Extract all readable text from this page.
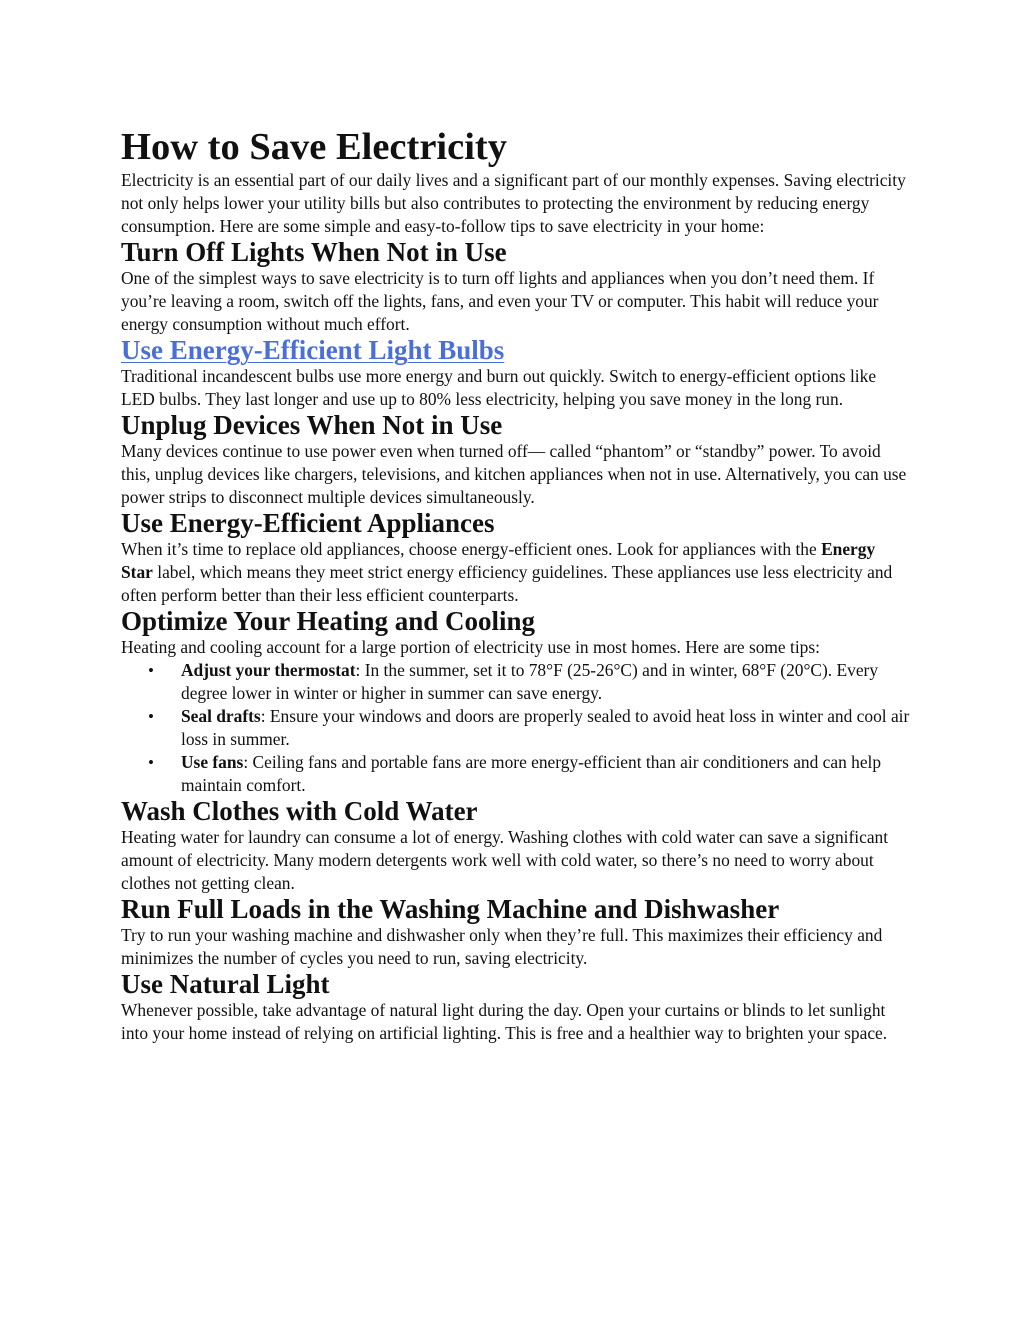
How to Save Electricity

Electricity is an essential part of our daily lives and a significant part of our monthly expenses. Saving electricity not only helps lower your utility bills but also contributes to protecting the environment by reducing energy consumption. Here are some simple and easy-to-follow tips to save electricity in your home:

Turn Off Lights When Not in Use

One of the simplest ways to save electricity is to turn off lights and appliances when you don’t need them. If you’re leaving a room, switch off the lights, fans, and even your TV or computer. This habit will reduce your energy consumption without much effort.

Use Energy-Efficient Light Bulbs

Traditional incandescent bulbs use more energy and burn out quickly. Switch to energy-efficient options like LED bulbs. They last longer and use up to 80% less electricity, helping you save money in the long run.

Unplug Devices When Not in Use

Many devices continue to use power even when turned off— called “phantom” or “standby” power. To avoid this, unplug devices like chargers, televisions, and kitchen appliances when not in use. Alternatively, you can use power strips to disconnect multiple devices simultaneously.

Use Energy-Efficient Appliances

When it’s time to replace old appliances, choose energy-efficient ones. Look for appliances with the Energy Star label, which means they meet strict energy efficiency guidelines. These appliances use less electricity and often perform better than their less efficient counterparts.

Optimize Your Heating and Cooling

Heating and cooling account for a large portion of electricity use in most homes. Here are some tips:

• Adjust your thermostat: In the summer, set it to 78°F (25-26°C) and in winter, 68°F (20°C). Every degree lower in winter or higher in summer can save energy.
• Seal drafts: Ensure your windows and doors are properly sealed to avoid heat loss in winter and cool air loss in summer.
• Use fans: Ceiling fans and portable fans are more energy-efficient than air conditioners and can help maintain comfort.
Wash Clothes with Cold Water

Heating water for laundry can consume a lot of energy. Washing clothes with cold water can save a significant amount of electricity. Many modern detergents work well with cold water, so there’s no need to worry about clothes not getting clean.

Run Full Loads in the Washing Machine and Dishwasher

Try to run your washing machine and dishwasher only when they’re full. This maximizes their efficiency and minimizes the number of cycles you need to run, saving electricity.

Use Natural Light

Whenever possible, take advantage of natural light during the day. Open your curtains or blinds to let sunlight into your home instead of relying on artificial lighting. This is free and a healthier way to brighten your space.
